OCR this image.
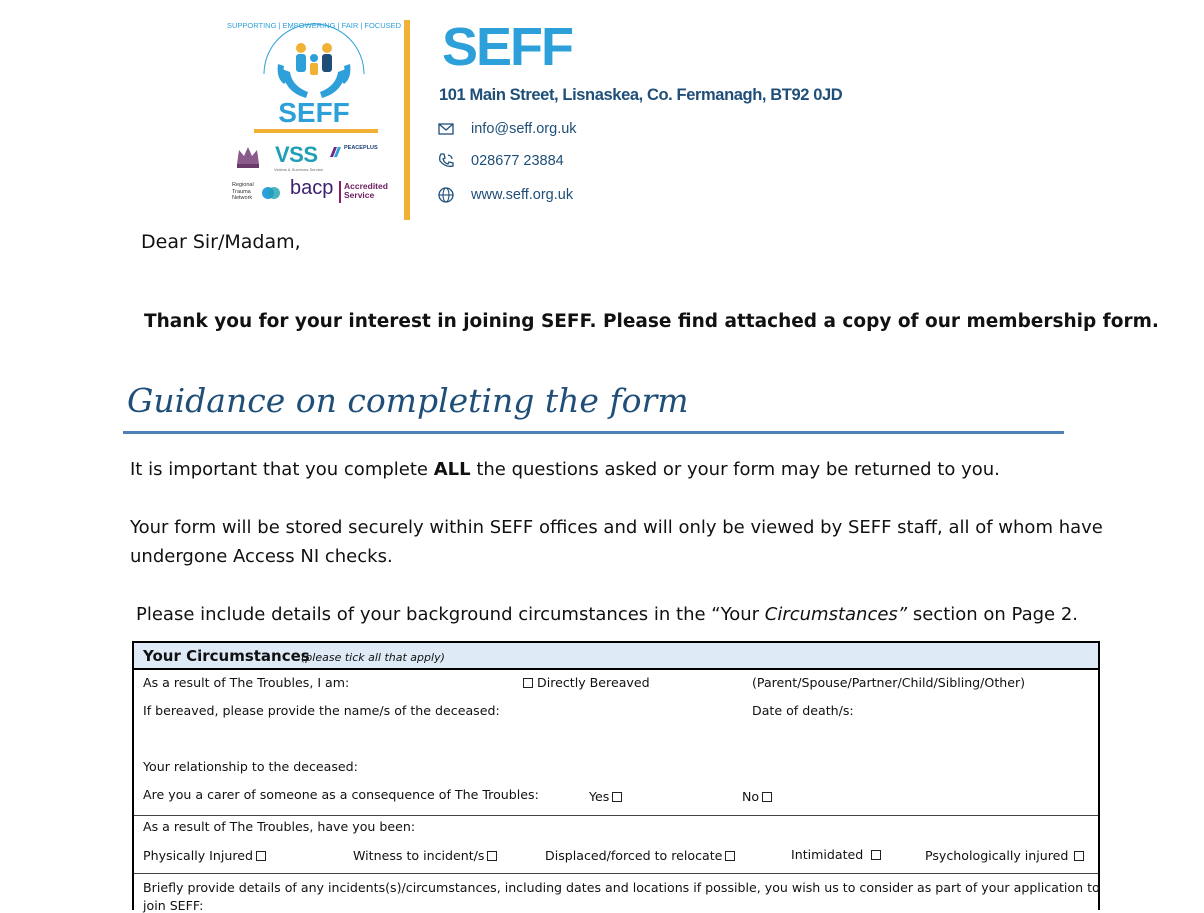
SUPPORTING | EMPOWERING | FAIR | FOCUSED
SEFF
VSS
Victims & Survivors Service
PEACEPLUS
Regional Trauma Network	bacp Accredited Service
SEFF
101 Main Street, Lisnaskea, Co. Fermanagh, BT92 0JD
info@seff.org.uk
028677 23884
www.seff.org.uk
Dear Sir/Madam,
Thank you for your interest in joining SEFF. Please find attached a copy of our membership form.
Guidance on completing the form
It is important that you complete ALL the questions asked or your form may be returned to you.
Your form will be stored securely within SEFF offices and will only be viewed by SEFF staff, all of whom have
undergone Access NI checks.
Please include details of your background circumstances in the “Your Circumstances” section on Page 2.
Your Circumstances
(please tick all that apply)
As a result of The Troubles, I am:	Directly Bereaved	(Parent/Spouse/Partner/Child/Sibling/Other)
If bereaved, please provide the name/s of the deceased:	Date of death/s:
Your relationship to the deceased:
Are you a carer of someone as a consequence of The Troubles:	Yes	No
As a result of The Troubles, have you been:
Physically Injured	Witness to incident/s	Displaced/forced to relocate	Intimidated	Psychologically injured
Briefly provide details of any incidents(s)/circumstances, including dates and locations if possible, you wish us to consider as part of your application to
join SEFF:
